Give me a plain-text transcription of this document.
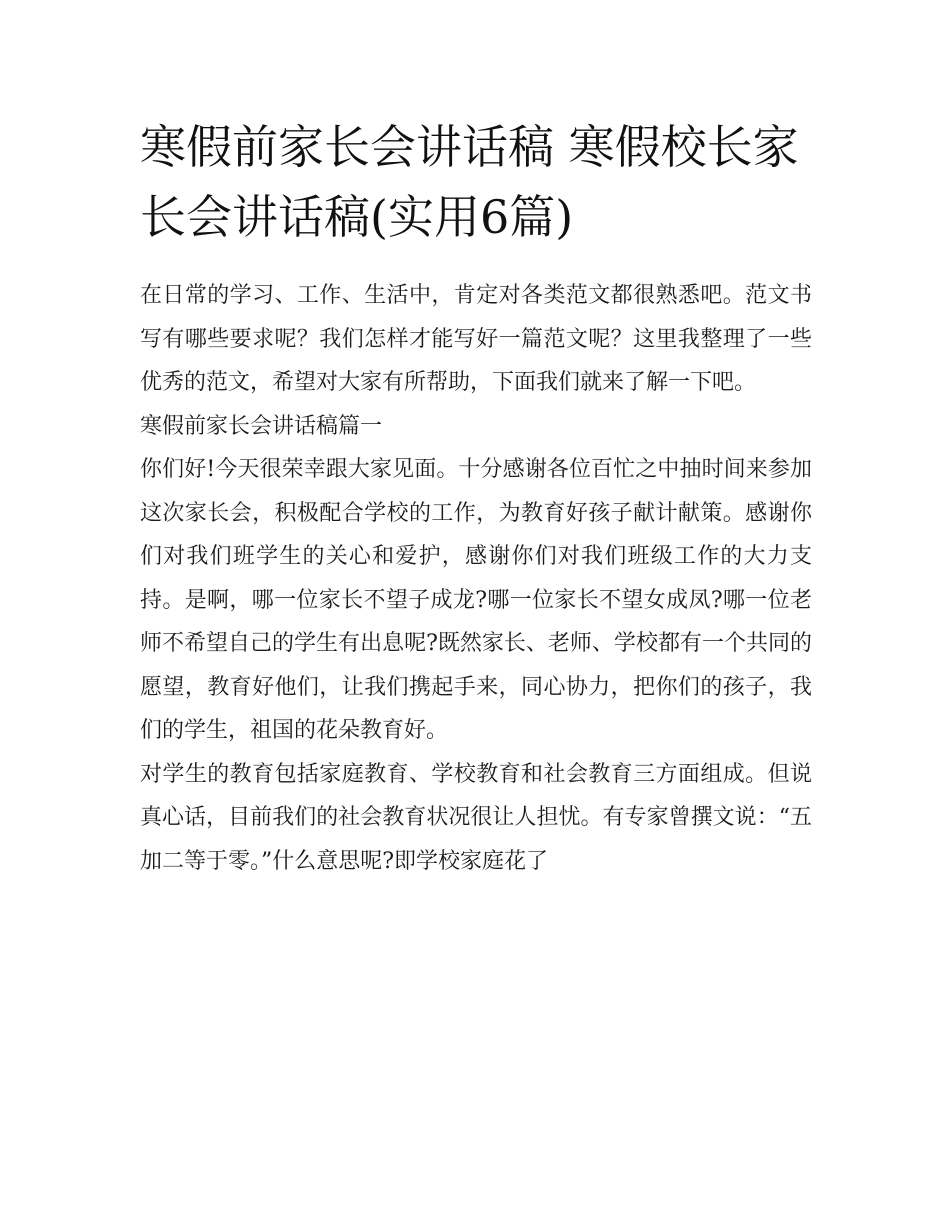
寒假前家长会讲话稿 寒假校长家长会讲话稿(实用6篇)

在日常的学习、工作、生活中，肯定对各类范文都很熟悉吧。范文书写有哪些要求呢？我们怎样才能写好一篇范文呢？这里我整理了一些优秀的范文，希望对大家有所帮助，下面我们就来了解一下吧。

寒假前家长会讲话稿篇一

你们好!今天很荣幸跟大家见面。十分感谢各位百忙之中抽时间来参加这次家长会，积极配合学校的工作，为教育好孩子献计献策。感谢你们对我们班学生的关心和爱护，感谢你们对我们班级工作的大力支持。是啊，哪一位家长不望子成龙?哪一位家长不望女成凤?哪一位老师不希望自己的学生有出息呢?既然家长、老师、学校都有一个共同的愿望，教育好他们，让我们携起手来，同心协力，把你们的孩子，我们的学生，祖国的花朵教育好。

对学生的教育包括家庭教育、学校教育和社会教育三方面组成。但说真心话，目前我们的社会教育状况很让人担忧。有专家曾撰文说：“五加二等于零。”什么意思呢?即学校家庭花了
